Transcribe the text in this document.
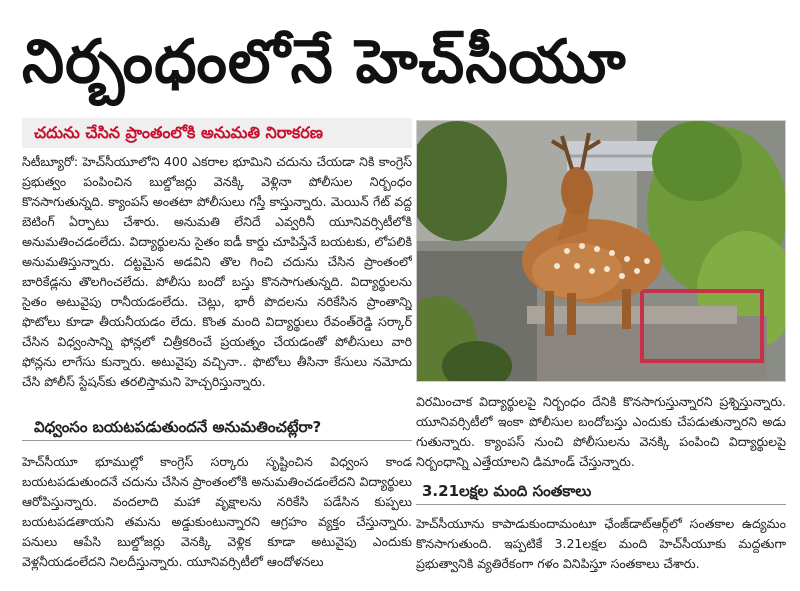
నిర్బంధంలోనే హెచ్‌సీయూ
చదును చేసిన ప్రాంతంలోకి అనుమతి నిరాకరణ

సిటీబ్యూరో: హెచ్‌సీయూలోని 400 ఎకరాల భూమిని చదును చేయడా నికి కాంగ్రెస్ ప్రభుత్వం పంపించిన బుల్డోజర్లు వెనక్కి వెళ్లినా పోలీసుల నిర్బంధం కొనసాగుతున్నది. క్యాంపస్ అంతటా పోలీసులు గస్తీ కాస్తున్నారు. మెయిన్ గేట్ వద్ద బెటింగ్ ఏర్పాటు చేశారు. అనుమతి లేనిదే ఎవ్వరినీ యూనివర్సిటీలోకి అనుమతించడంలేదు. విద్యార్థులను సైతం ఐడీ కార్డు చూపిస్తేనే బయటకు, లోపలికి అనుమతిస్తున్నారు. దట్టమైన అడవిని తొల గించి చదును చేసిన ప్రాంతంలో బారికేడ్లను తొలగించలేదు. పోలీసు బందో బస్తు కొనసాగుతున్నది. విద్యార్థులను సైతం అటువైపు రానీయడంలేదు. చెట్లు, భారీ పొదలను నరికేసిన ప్రాంతాన్ని ఫొటోలు కూడా తీయనీయడం లేదు. కొంత మంది విద్యార్థులు రేవంత్‌రెడ్డి సర్కార్ చేసిన విధ్వంసాన్ని ఫోన్లలో చిత్రీకరించే ప్రయత్నం చేయడంతో పోలీసులు వారి ఫోన్లను లాగేసు కున్నారు. అటువైపు వచ్చినా.. ఫొటోలు తీసినా కేసులు నమోదు చేసి పోలీస్ స్టేషన్‌కు తరలిస్తామని హెచ్చరిస్తున్నారు.

విధ్వంసం బయటపడుతుందనే అనుమతించట్లేరా?

హెచ్‌సీయూ భూముల్లో కాంగ్రెస్ సర్కారు సృష్టించిన విధ్వంస కాండ బయటపడుతుందనే చదును చేసిన ప్రాంతంలోకి అనుమతించడంలేదని విద్యార్థులు ఆరోపిస్తున్నారు. వందలాది మహా వృక్షాలను నరికేసి పడేసిన కుప్పలు బయటపడతాయని తమను అడ్డుకుంటున్నారని ఆగ్రహం వ్యక్తం చేస్తున్నారు. పనులు ఆపేసి బుల్డోజర్లు వెనక్కి వెళ్లిక కూడా అటువైపు ఎందుకు వెళ్లనీయడంలేదని నిలదీస్తున్నారు. యూనివర్సిటీలో ఆందోళనలు

విరమించాక విద్యార్థులపై నిర్బంధం దేనికి కొనసాగుస్తున్నారని ప్రశ్నిస్తున్నారు. యూనివర్సిటీలో ఇంకా పోలీసుల బందోబస్తు ఎందుకు చేపడుతున్నారని అడు గుతున్నారు. క్యాంపస్ నుంచి పోలీసులను వెనక్కి పంపించి విద్యార్థులపై నిర్బంధాన్ని ఎత్తేయాలని డిమాండ్ చేస్తున్నారు.

3.21లక్షల మంది సంతకాలు

హెచ్‌సీయూను కాపాడుకుందామంటూ ఛేంజ్‌డాట్‌ఆర్గ్‌లో సంతకాల ఉద్యమం కొనసాగుతుంది. ఇప్పటికే 3.21లక్షల మంది హెచ్‌సీయూకు మద్దతుగా ప్రభుత్వానికి వ్యతిరేకంగా గళం వినిపిస్తూ సంతకాలు చేశారు.
